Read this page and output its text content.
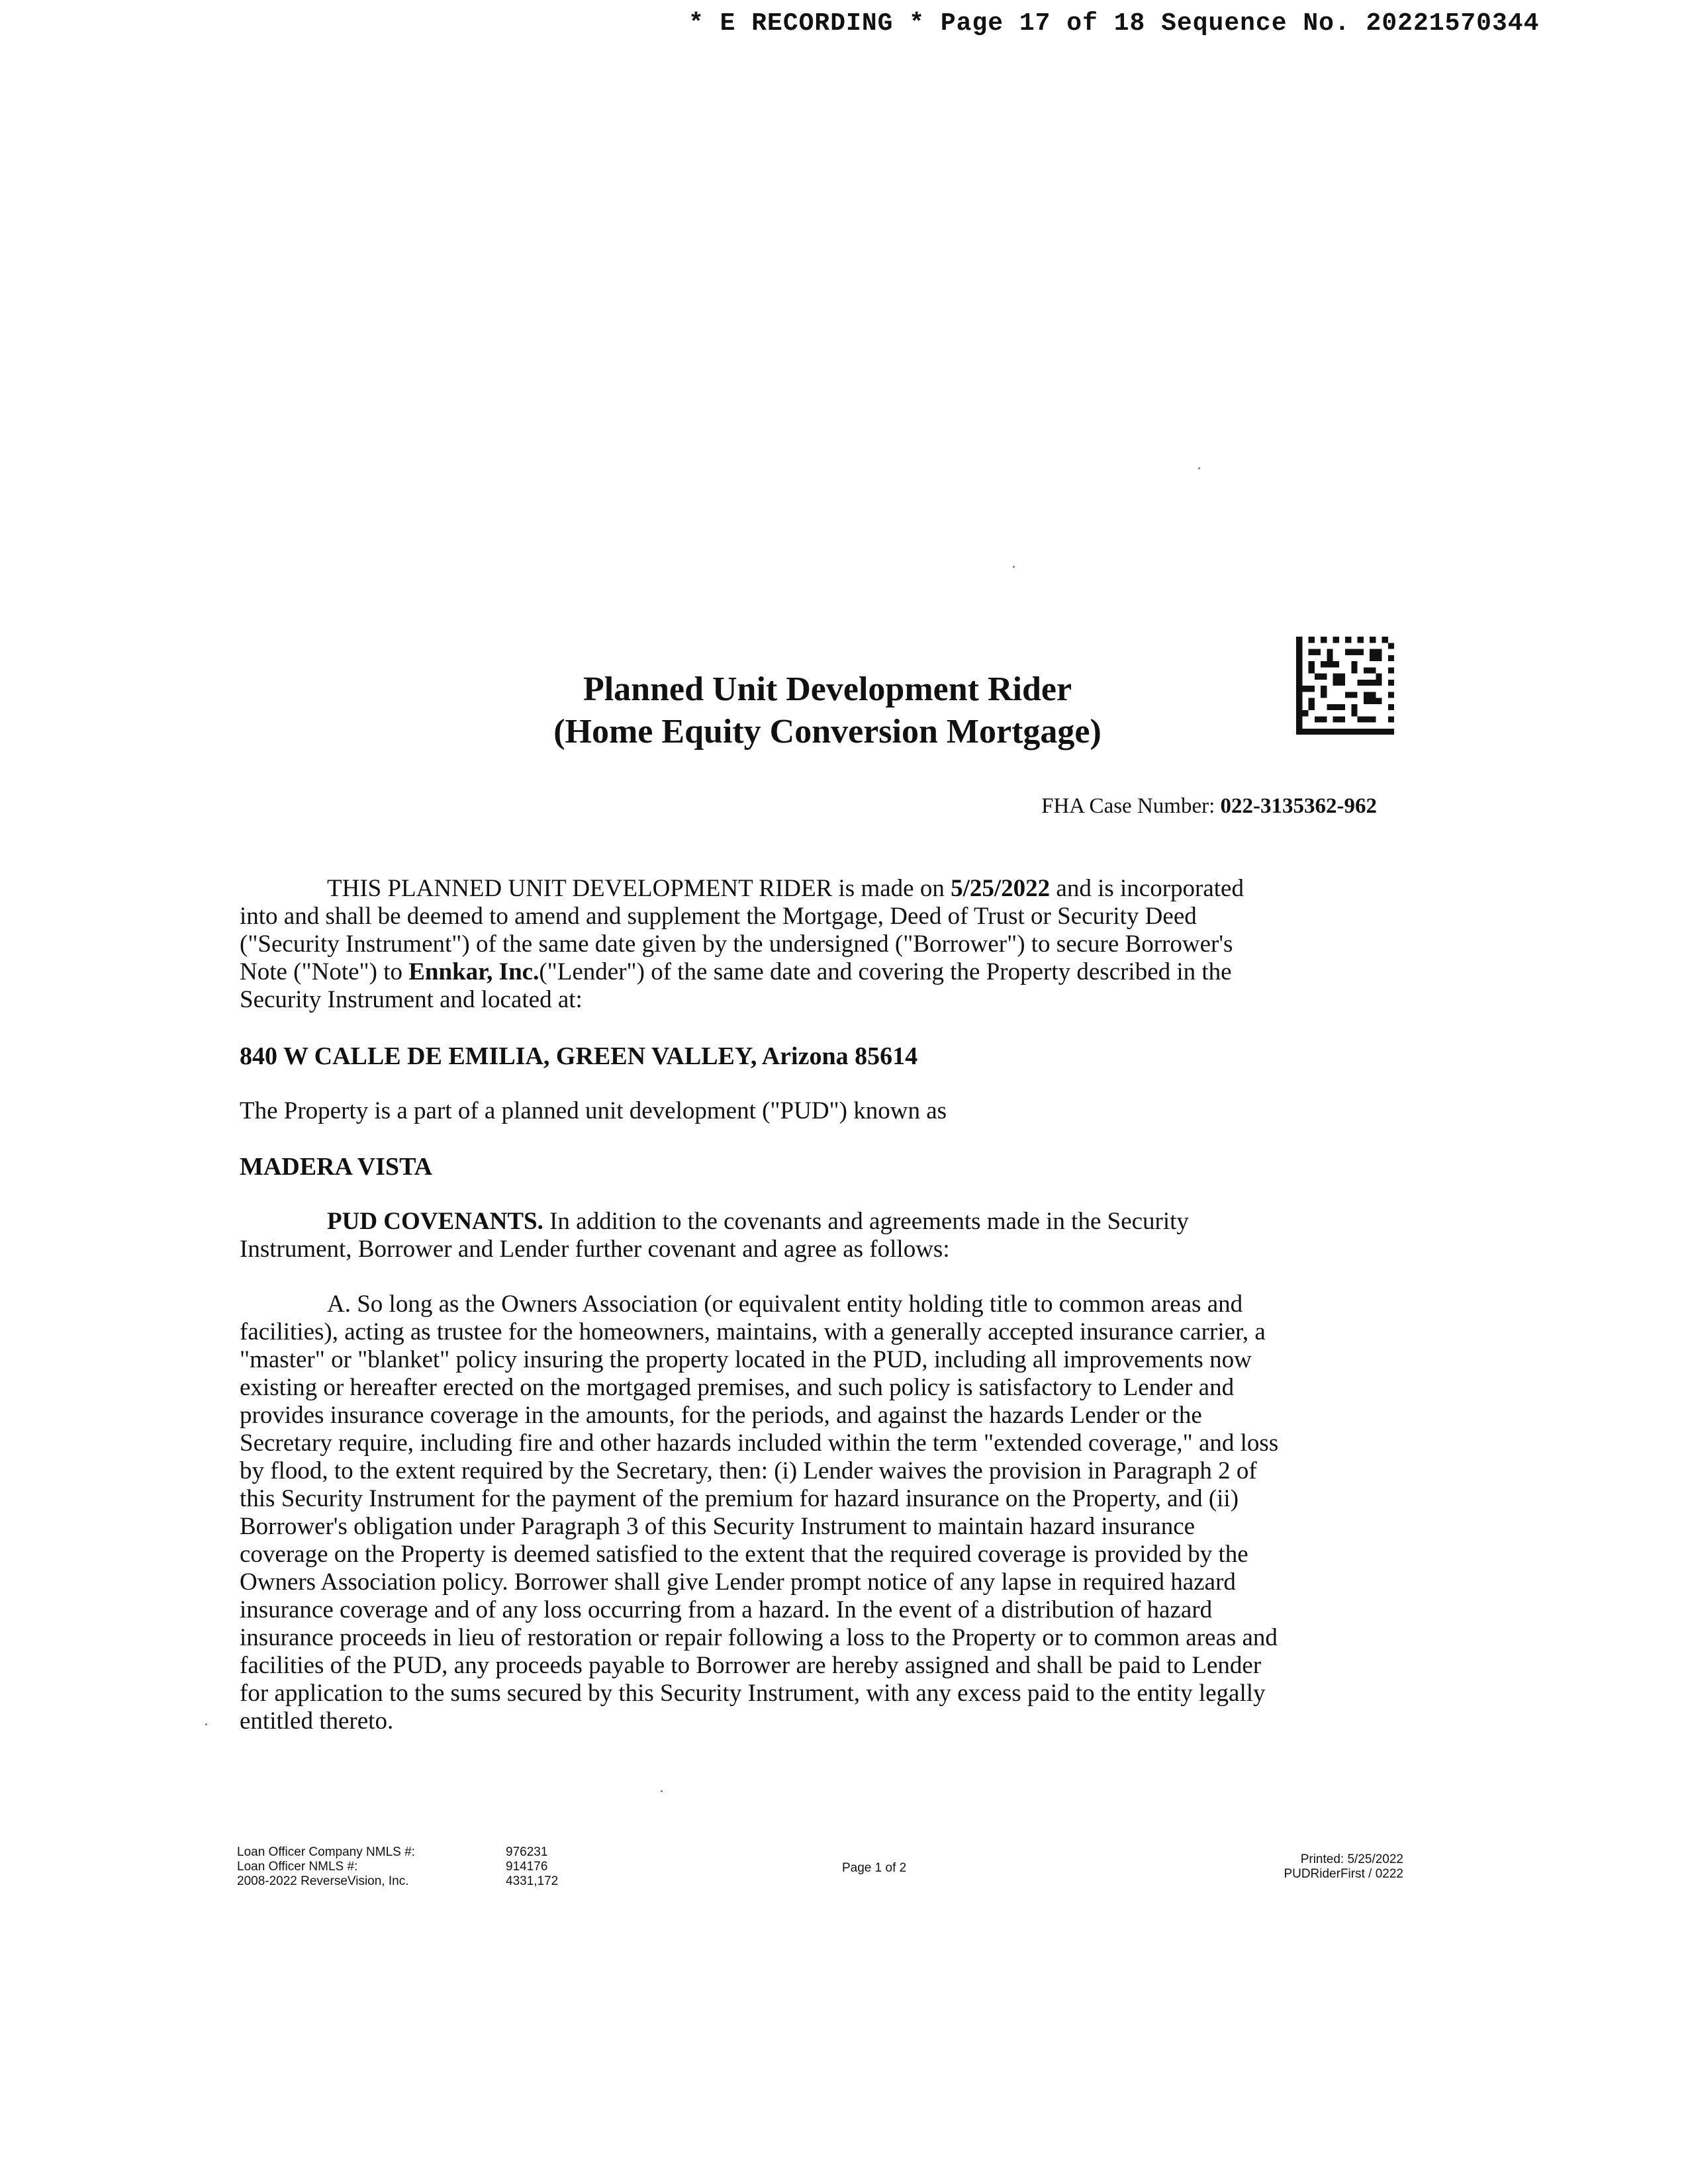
* E RECORDING * Page 17 of 18 Sequence No. 20221570344
Planned Unit Development Rider
(Home Equity Conversion Mortgage)
FHA Case Number: 022-3135362-962
THIS PLANNED UNIT DEVELOPMENT RIDER is made on 5/25/2022 and is incorporated into and shall be deemed to amend and supplement the Mortgage, Deed of Trust or Security Deed ("Security Instrument") of the same date given by the undersigned ("Borrower") to secure Borrower's Note ("Note") to Ennkar, Inc.("Lender") of the same date and covering the Property described in the Security Instrument and located at:
840 W CALLE DE EMILIA, GREEN VALLEY, Arizona 85614
The Property is a part of a planned unit development ("PUD") known as
MADERA VISTA
PUD COVENANTS. In addition to the covenants and agreements made in the Security Instrument, Borrower and Lender further covenant and agree as follows:
A. So long as the Owners Association (or equivalent entity holding title to common areas and facilities), acting as trustee for the homeowners, maintains, with a generally accepted insurance carrier, a "master" or "blanket" policy insuring the property located in the PUD, including all improvements now existing or hereafter erected on the mortgaged premises, and such policy is satisfactory to Lender and provides insurance coverage in the amounts, for the periods, and against the hazards Lender or the Secretary require, including fire and other hazards included within the term "extended coverage," and loss by flood, to the extent required by the Secretary, then: (i) Lender waives the provision in Paragraph 2 of this Security Instrument for the payment of the premium for hazard insurance on the Property, and (ii) Borrower's obligation under Paragraph 3 of this Security Instrument to maintain hazard insurance coverage on the Property is deemed satisfied to the extent that the required coverage is provided by the Owners Association policy. Borrower shall give Lender prompt notice of any lapse in required hazard insurance coverage and of any loss occurring from a hazard. In the event of a distribution of hazard insurance proceeds in lieu of restoration or repair following a loss to the Property or to common areas and facilities of the PUD, any proceeds payable to Borrower are hereby assigned and shall be paid to Lender for application to the sums secured by this Security Instrument, with any excess paid to the entity legally entitled thereto.
Loan Officer Company NMLS #:
Loan Officer NMLS #:
2008-2022 ReverseVision, Inc.
976231
914176
4331,172
Page 1 of 2
Printed: 5/25/2022
PUDRiderFirst / 0222
